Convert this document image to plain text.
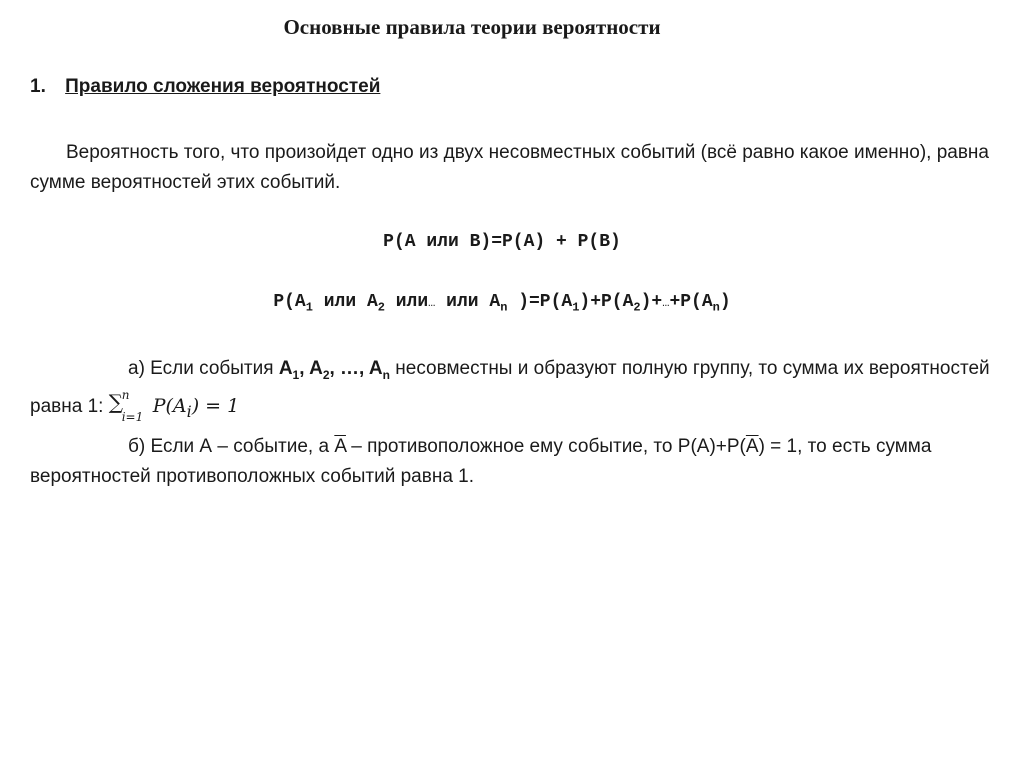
Основные правила теории вероятности
1. Правило сложения вероятностей
Вероятность того, что произойдет одно из двух несовместных событий (всё равно какое именно), равна сумме вероятностей этих событий.
P(A или B)=P(A) + P(B)
$P(A_1$ или $A_2$ или… или $A_n$ )$=P(A_1)+P(A_2)+\dots+P(A_n)$
а) Если события $A_1$, $A_2$, …, $A_n$ несовместны и образуют полную группу, то сумма их вероятностей равна 1: ∑
n
i=1 $P(A_i) = 1$
б) Если А – событие, а $\overline{A}$ – противоположное ему событие, то $Р(А)+Р(\overline{A}) = 1$, то есть сумма вероятностей противоположных событий равна 1.
